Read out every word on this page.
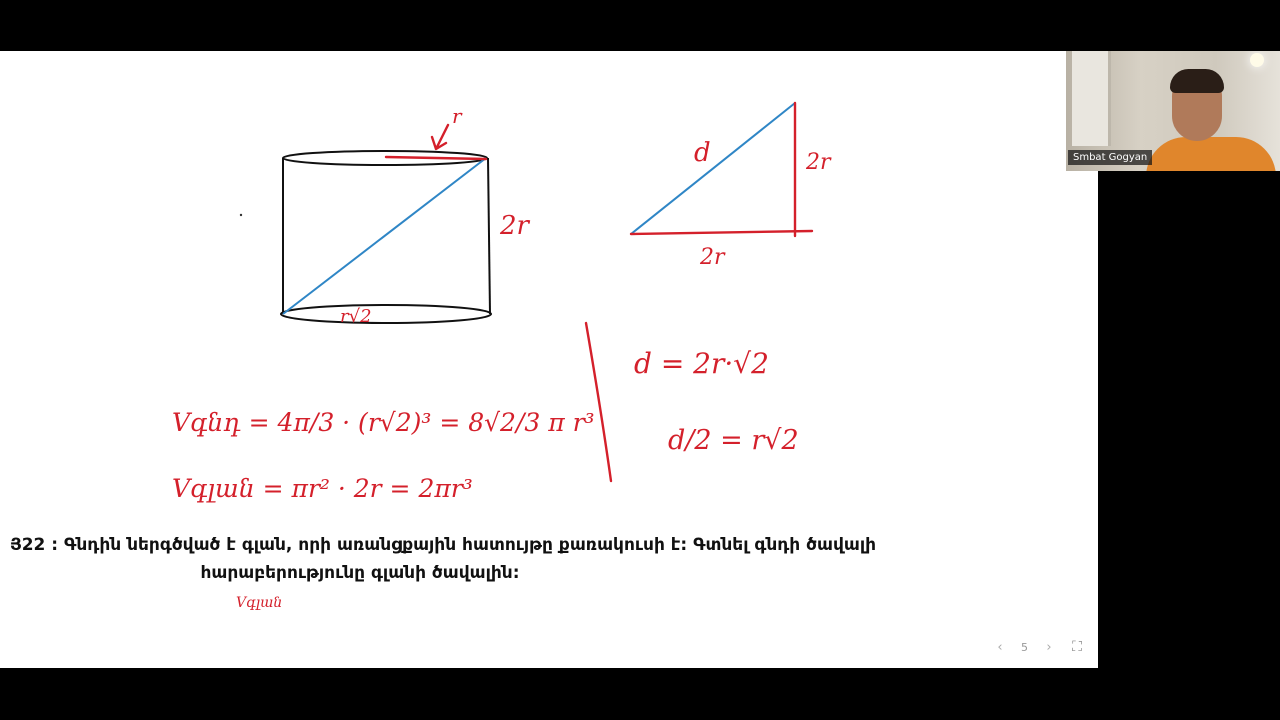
r
2r
r√2
d	2r
2r
Vգնդ = 4π/3 · (r√2)³ = 8√2/3 π r³
Vգլան = πr² · 2r = 2πr³
d = 2r·√2
d/2 = r√2
Vգլան
Յ22 : Գնդին ներգծված է գլան, որի առանցքային հատույթը քառակուսի է: Գտնել գնդի ծավալի
հարաբերությունը գլանի ծավալին:
‹	5	›	⛶
Smbat Gogyan
